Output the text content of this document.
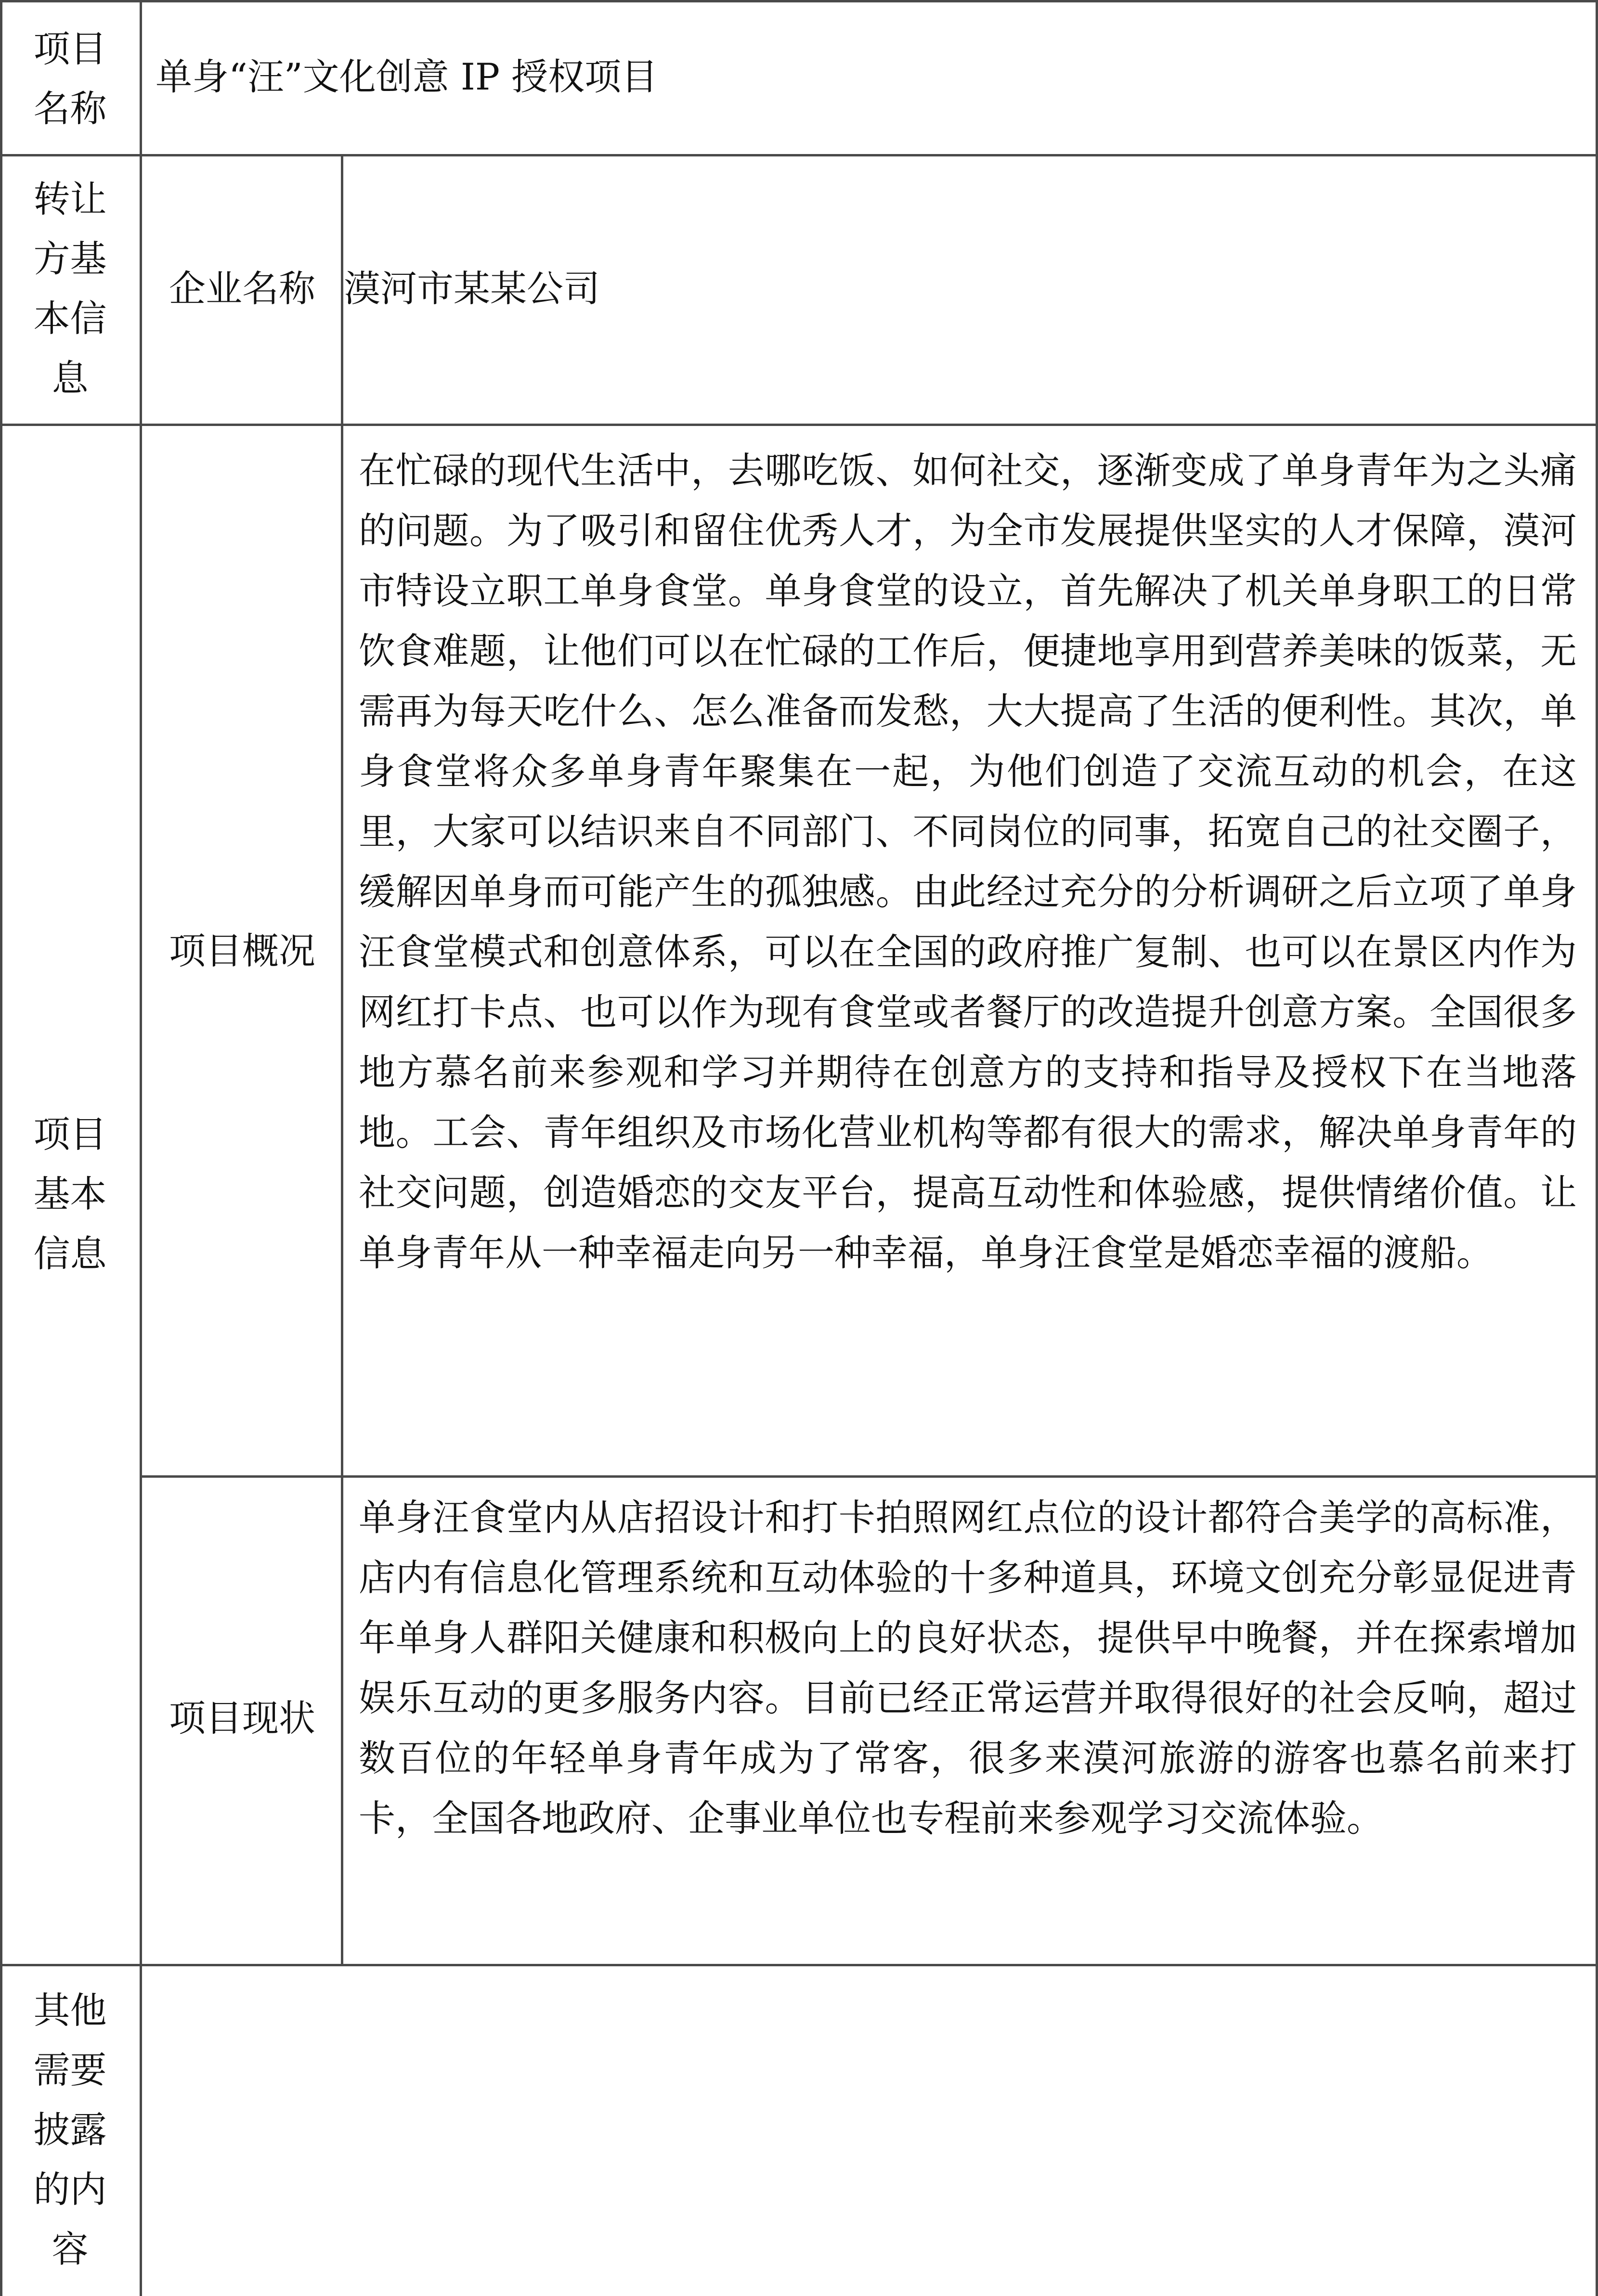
项目
名称
单身“汪”文化创意 IP 授权项目
转让
方基
本信
息
企业名称 漠河市某某公司
项目
基本
信息
项目概况
在忙碌的现代生活中，去哪吃饭、如何社交，逐渐变成了单身青年为之头痛的问题。为了吸引和留住优秀人才，为全市发展提供坚实的人才保障，漠河市特设立职工单身食堂。单身食堂的设立，首先解决了机关单身职工的日常饮食难题，让他们可以在忙碌的工作后，便捷地享用到营养美味的饭菜，无需再为每天吃什么、怎么准备而发愁，大大提高了生活的便利性。其次，单身食堂将众多单身青年聚集在一起，为他们创造了交流互动的机会，在这里，大家可以结识来自不同部门、不同岗位的同事，拓宽自己的社交圈子，缓解因单身而可能产生的孤独感。由此经过充分的分析调研之后立项了单身汪食堂模式和创意体系，可以在全国的政府推广复制、也可以在景区内作为网红打卡点、也可以作为现有食堂或者餐厅的改造提升创意方案。全国很多地方慕名前来参观和学习并期待在创意方的支持和指导及授权下在当地落地。工会、青年组织及市场化营业机构等都有很大的需求，解决单身青年的社交问题，创造婚恋的交友平台，提高互动性和体验感，提供情绪价值。让单身青年从一种幸福走向另一种幸福，单身汪食堂是婚恋幸福的渡船。
项目现状
单身汪食堂内从店招设计和打卡拍照网红点位的设计都符合美学的高标准，店内有信息化管理系统和互动体验的十多种道具，环境文创充分彰显促进青年单身人群阳关健康和积极向上的良好状态，提供早中晚餐，并在探索增加娱乐互动的更多服务内容。目前已经正常运营并取得很好的社会反响，超过数百位的年轻单身青年成为了常客，很多来漠河旅游的游客也慕名前来打卡，全国各地政府、企事业单位也专程前来参观学习交流体验。
其他
需要
披露
的内
容
